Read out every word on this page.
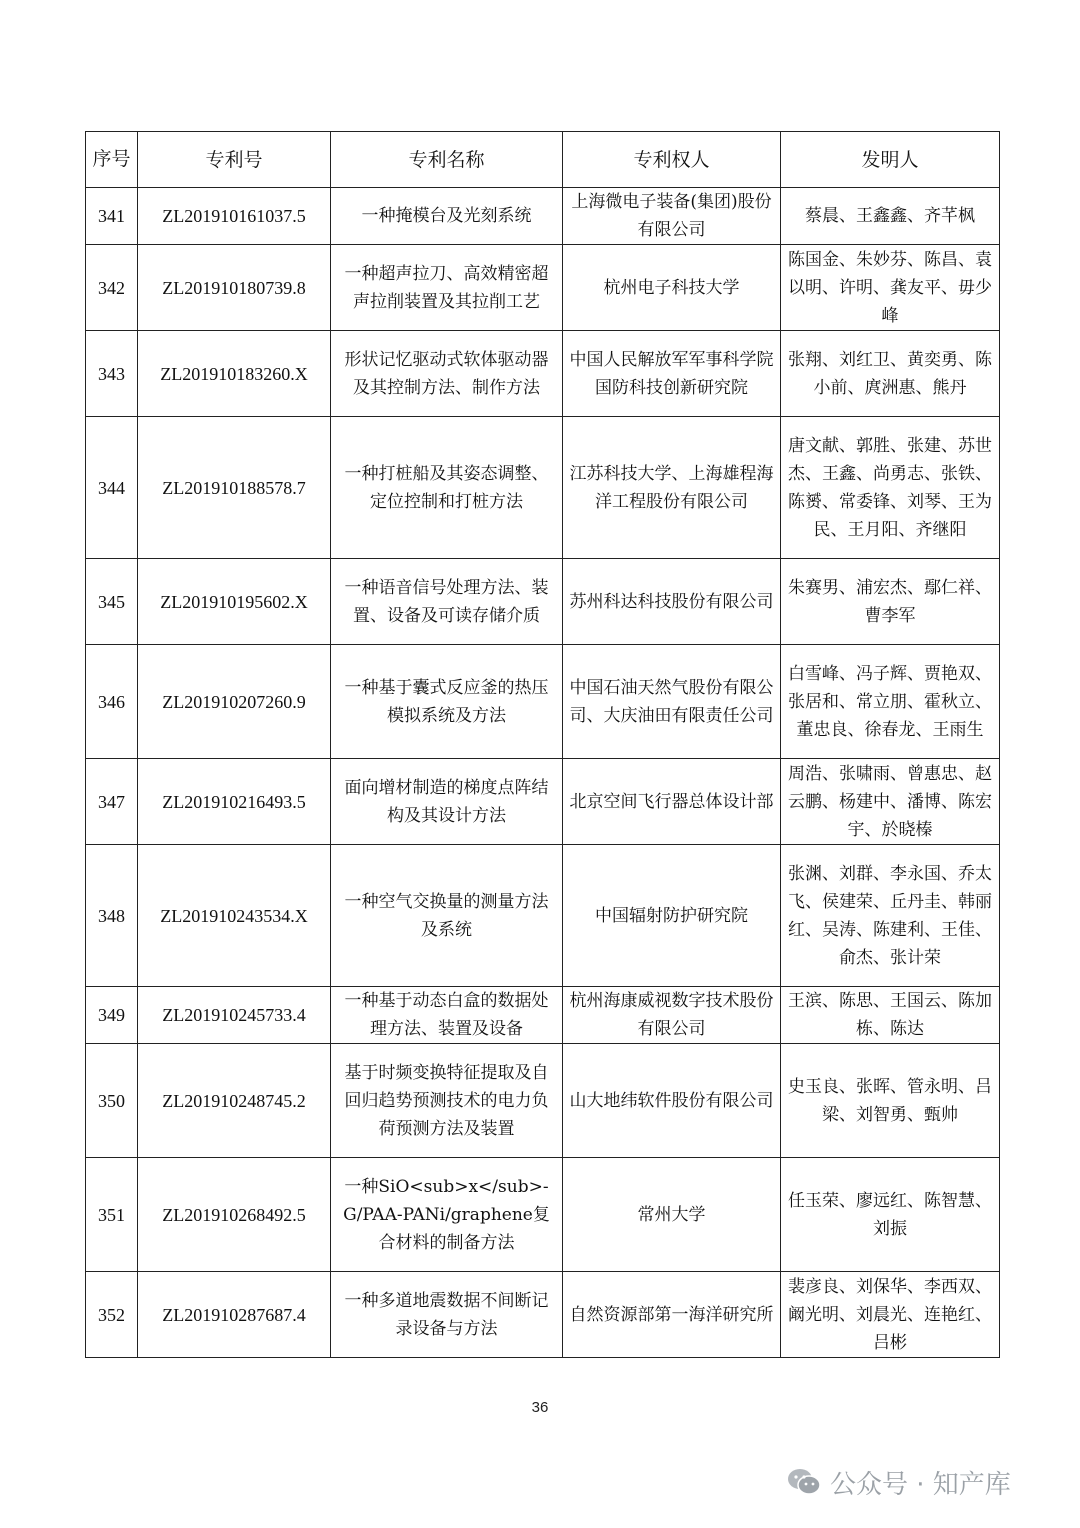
序号	专利号	专利名称	专利权人	发明人
341	ZL201910161037.5	一种掩模台及光刻系统	上海微电子装备(集团)股份有限公司	蔡晨、王鑫鑫、齐芊枫
342	ZL201910180739.8	一种超声拉刀、高效精密超声拉削装置及其拉削工艺	杭州电子科技大学	陈国金、朱妙芬、陈昌、袁以明、许明、龚友平、毋少峰
343	ZL201910183260.X	形状记忆驱动式软体驱动器及其控制方法、制作方法	中国人民解放军军事科学院国防科技创新研究院	张翔、刘红卫、黄奕勇、陈小前、庹洲惠、熊丹
344	ZL201910188578.7	一种打桩船及其姿态调整、定位控制和打桩方法	江苏科技大学、上海雄程海洋工程股份有限公司	唐文献、郭胜、张建、苏世杰、王鑫、尚勇志、张铁、陈赟、常委锋、刘琴、王为民、王月阳、齐继阳
345	ZL201910195602.X	一种语音信号处理方法、装置、设备及可读存储介质	苏州科达科技股份有限公司	朱赛男、浦宏杰、鄢仁祥、曹李军
346	ZL201910207260.9	一种基于囊式反应釜的热压模拟系统及方法	中国石油天然气股份有限公司、大庆油田有限责任公司	白雪峰、冯子辉、贾艳双、张居和、常立朋、霍秋立、董忠良、徐春龙、王雨生
347	ZL201910216493.5	面向增材制造的梯度点阵结构及其设计方法	北京空间飞行器总体设计部	周浩、张啸雨、曾惠忠、赵云鹏、杨建中、潘博、陈宏宇、於晓榛
348	ZL201910243534.X	一种空气交换量的测量方法及系统	中国辐射防护研究院	张渊、刘群、李永国、乔太飞、侯建荣、丘丹圭、韩丽红、吴涛、陈建利、王佳、俞杰、张计荣
349	ZL201910245733.4	一种基于动态白盒的数据处理方法、装置及设备	杭州海康威视数字技术股份有限公司	王滨、陈思、王国云、陈加栋、陈达
350	ZL201910248745.2	基于时频变换特征提取及自回归趋势预测技术的电力负荷预测方法及装置	山大地纬软件股份有限公司	史玉良、张晖、管永明、吕梁、刘智勇、甄帅
351	ZL201910268492.5	一种SiO<sub>x</sub>-G/PAA-PANi/graphene复合材料的制备方法	常州大学	任玉荣、廖远红、陈智慧、刘振
352	ZL201910287687.4	一种多道地震数据不间断记录设备与方法	自然资源部第一海洋研究所	裴彦良、刘保华、李西双、阚光明、刘晨光、连艳红、吕彬
36
公众号 · 知产库
